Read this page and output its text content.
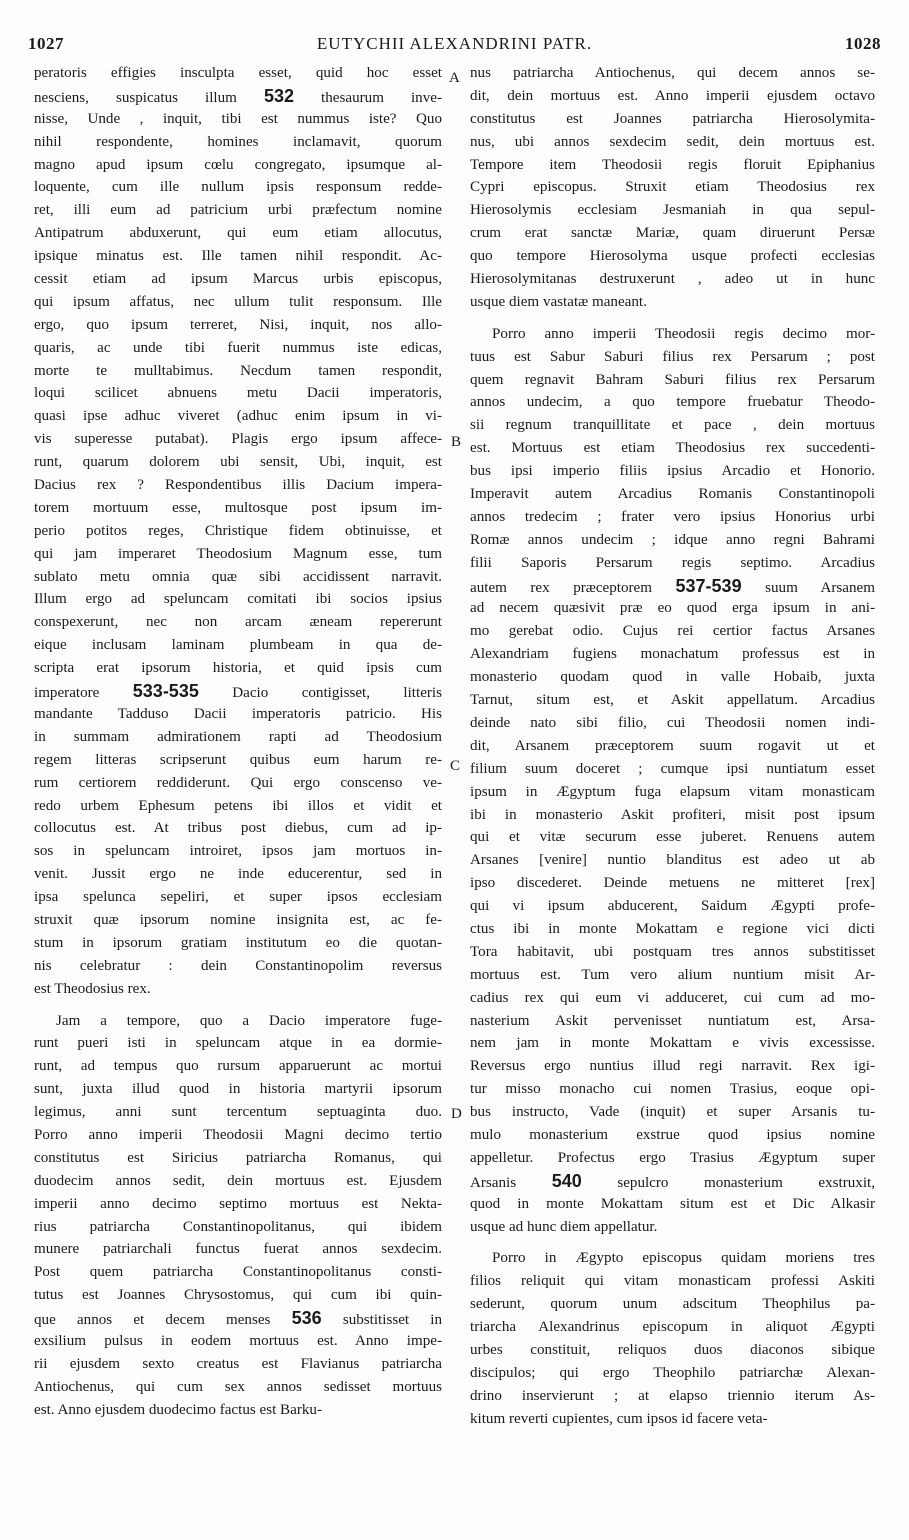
1027	EUTYCHII ALEXANDRINI PATR.	1028
peratoris effigies insculpta esset, quid hoc esset
nesciens, suspicatus illum 532 thesaurum inve-
nisse, Unde , inquit, tibi est nummus iste? Quo
nihil respondente, homines inclamavit, quorum
magno apud ipsum cœlu congregato, ipsumque al-
loquente, cum ille nullum ipsis responsum redde-
ret, illi eum ad patricium urbi præfectum nomine
Antipatrum abduxerunt, qui eum etiam allocutus,
ipsique minatus est. Ille tamen nihil respondit. Ac-
cessit etiam ad ipsum Marcus urbis episcopus,
qui ipsum affatus, nec ullum tulit responsum. Ille
ergo, quo ipsum terreret, Nisi, inquit, nos allo-
quaris, ac unde tibi fuerit nummus iste edicas,
morte te mulltabimus. Necdum tamen respondit,
loqui scilicet abnuens metu Dacii imperatoris,
quasi ipse adhuc viveret (adhuc enim ipsum in vi-
vis superesse putabat). Plagis ergo ipsum affece-
runt, quarum dolorem ubi sensit, Ubi, inquit, est
Dacius rex ? Respondentibus illis Dacium impera-
torem mortuum esse, multosque post ipsum im-
perio potitos reges, Christique fidem obtinuisse, et
qui jam imperaret Theodosium Magnum esse, tum
sublato metu omnia quæ sibi accidissent narravit.
Illum ergo ad speluncam comitati ibi socios ipsius
conspexerunt, nec non arcam æneam repererunt
eique inclusam laminam plumbeam in qua de-
scripta erat ipsorum historia, et quid ipsis cum
imperatore 533-535 Dacio contigisset, litteris
mandante Tadduso Dacii imperatoris patricio. His
in summam admirationem rapti ad Theodosium
regem litteras scripserunt quibus eum harum re-
rum certiorem reddiderunt. Qui ergo conscenso ve-
redo urbem Ephesum petens ibi illos et vidit et
collocutus est. At tribus post diebus, cum ad ip-
sos in speluncam introiret, ipsos jam mortuos in-
venit. Jussit ergo ne inde educerentur, sed in
ipsa spelunca sepeliri, et super ipsos ecclesiam
struxit quæ ipsorum nomine insignita est, ac fe-
stum in ipsorum gratiam institutum eo die quotan-
nis celebratur : dein Constantinopolim reversus
est Theodosius rex.
Jam a tempore, quo a Dacio imperatore fuge-
runt pueri isti in speluncam atque in ea dormie-
runt, ad tempus quo rursum apparuerunt ac mortui
sunt, juxta illud quod in historia martyrii ipsorum
legimus, anni sunt tercentum septuaginta duo.
Porro anno imperii Theodosii Magni decimo tertio
constitutus est Siricius patriarcha Romanus, qui
duodecim annos sedit, dein mortuus est. Ejusdem
imperii anno decimo septimo mortuus est Nekta-
rius patriarcha Constantinopolitanus, qui ibidem
munere patriarchali functus fuerat annos sexdecim.
Post quem patriarcha Constantinopolitanus consti-
tutus est Joannes Chrysostomus, qui cum ibi quin-
que annos et decem menses 536 substitisset in
exsilium pulsus in eodem mortuus est. Anno impe-
rii ejusdem sexto creatus est Flavianus patriarcha
Antiochenus, qui cum sex annos sedisset mortuus
est. Anno ejusdem duodecimo factus est Barku-
nus patriarcha Antiochenus, qui decem annos se-
dit, dein mortuus est. Anno imperii ejusdem octavo
constitutus est Joannes patriarcha Hierosolymita-
nus, ubi annos sexdecim sedit, dein mortuus est.
Tempore item Theodosii regis floruit Epiphanius
Cypri episcopus. Struxit etiam Theodosius rex
Hierosolymis ecclesiam Jesmaniah in qua sepul-
crum erat sanctæ Mariæ, quam diruerunt Persæ
quo tempore Hierosolyma usque profecti ecclesias
Hierosolymitanas destruxerunt , adeo ut in hunc
usque diem vastatæ maneant.
Porro anno imperii Theodosii regis decimo mor-
tuus est Sabur Saburi filius rex Persarum ; post
quem regnavit Bahram Saburi filius rex Persarum
annos undecim, a quo tempore fruebatur Theodo-
sii regnum tranquillitate et pace , dein mortuus
est. Mortuus est etiam Theodosius rex succedenti-
bus ipsi imperio filiis ipsius Arcadio et Honorio.
Imperavit autem Arcadius Romanis Constantinopoli
annos tredecim ; frater vero ipsius Honorius urbi
Romæ annos undecim ; idque anno regni Bahrami
filii Saporis Persarum regis septimo. Arcadius
autem rex præceptorem 537-539 suum Arsanem
ad necem quæsivit præ eo quod erga ipsum in ani-
mo gerebat odio. Cujus rei certior factus Arsanes
Alexandriam fugiens monachatum professus est in
monasterio quodam quod in valle Hobaib, juxta
Tarnut, situm est, et Askit appellatum. Arcadius
deinde nato sibi filio, cui Theodosii nomen indi-
dit, Arsanem præceptorem suum rogavit ut et
filium suum doceret ; cumque ipsi nuntiatum esset
ipsum in Ægyptum fuga elapsum vitam monasticam
ibi in monasterio Askit profiteri, misit post ipsum
qui et vitæ securum esse juberet. Renuens autem
Arsanes [venire] nuntio blanditus est adeo ut ab
ipso discederet. Deinde metuens ne mitteret [rex]
qui vi ipsum abducerent, Saidum Ægypti profe-
ctus ibi in monte Mokattam e regione vici dicti
Tora habitavit, ubi postquam tres annos substitisset
mortuus est. Tum vero alium nuntium misit Ar-
cadius rex qui eum vi adduceret, cui cum ad mo-
nasterium Askit pervenisset nuntiatum est, Arsa-
nem jam in monte Mokattam e vivis excessisse.
Reversus ergo nuntius illud regi narravit. Rex igi-
tur misso monacho cui nomen Trasius, eoque opi-
bus instructo, Vade (inquit) et super Arsanis tu-
mulo monasterium exstrue quod ipsius nomine
appelletur. Profectus ergo Trasius Ægyptum super
Arsanis 540 sepulcro monasterium exstruxit,
quod in monte Mokattam situm est et Dic Alkasir
usque ad hunc diem appellatur.
Porro in Ægypto episcopus quidam moriens tres
filios reliquit qui vitam monasticam professi Askiti
sederunt, quorum unum adscitum Theophilus pa-
triarcha Alexandrinus episcopum in aliquot Ægypti
urbes constituit, reliquos duos diaconos sibique
discipulos; qui ergo Theophilo patriarchæ Alexan-
drino inservierunt ; at elapso triennio iterum As-
kitum reverti cupientes, cum ipsos id facere veta-
A
B
C
D
